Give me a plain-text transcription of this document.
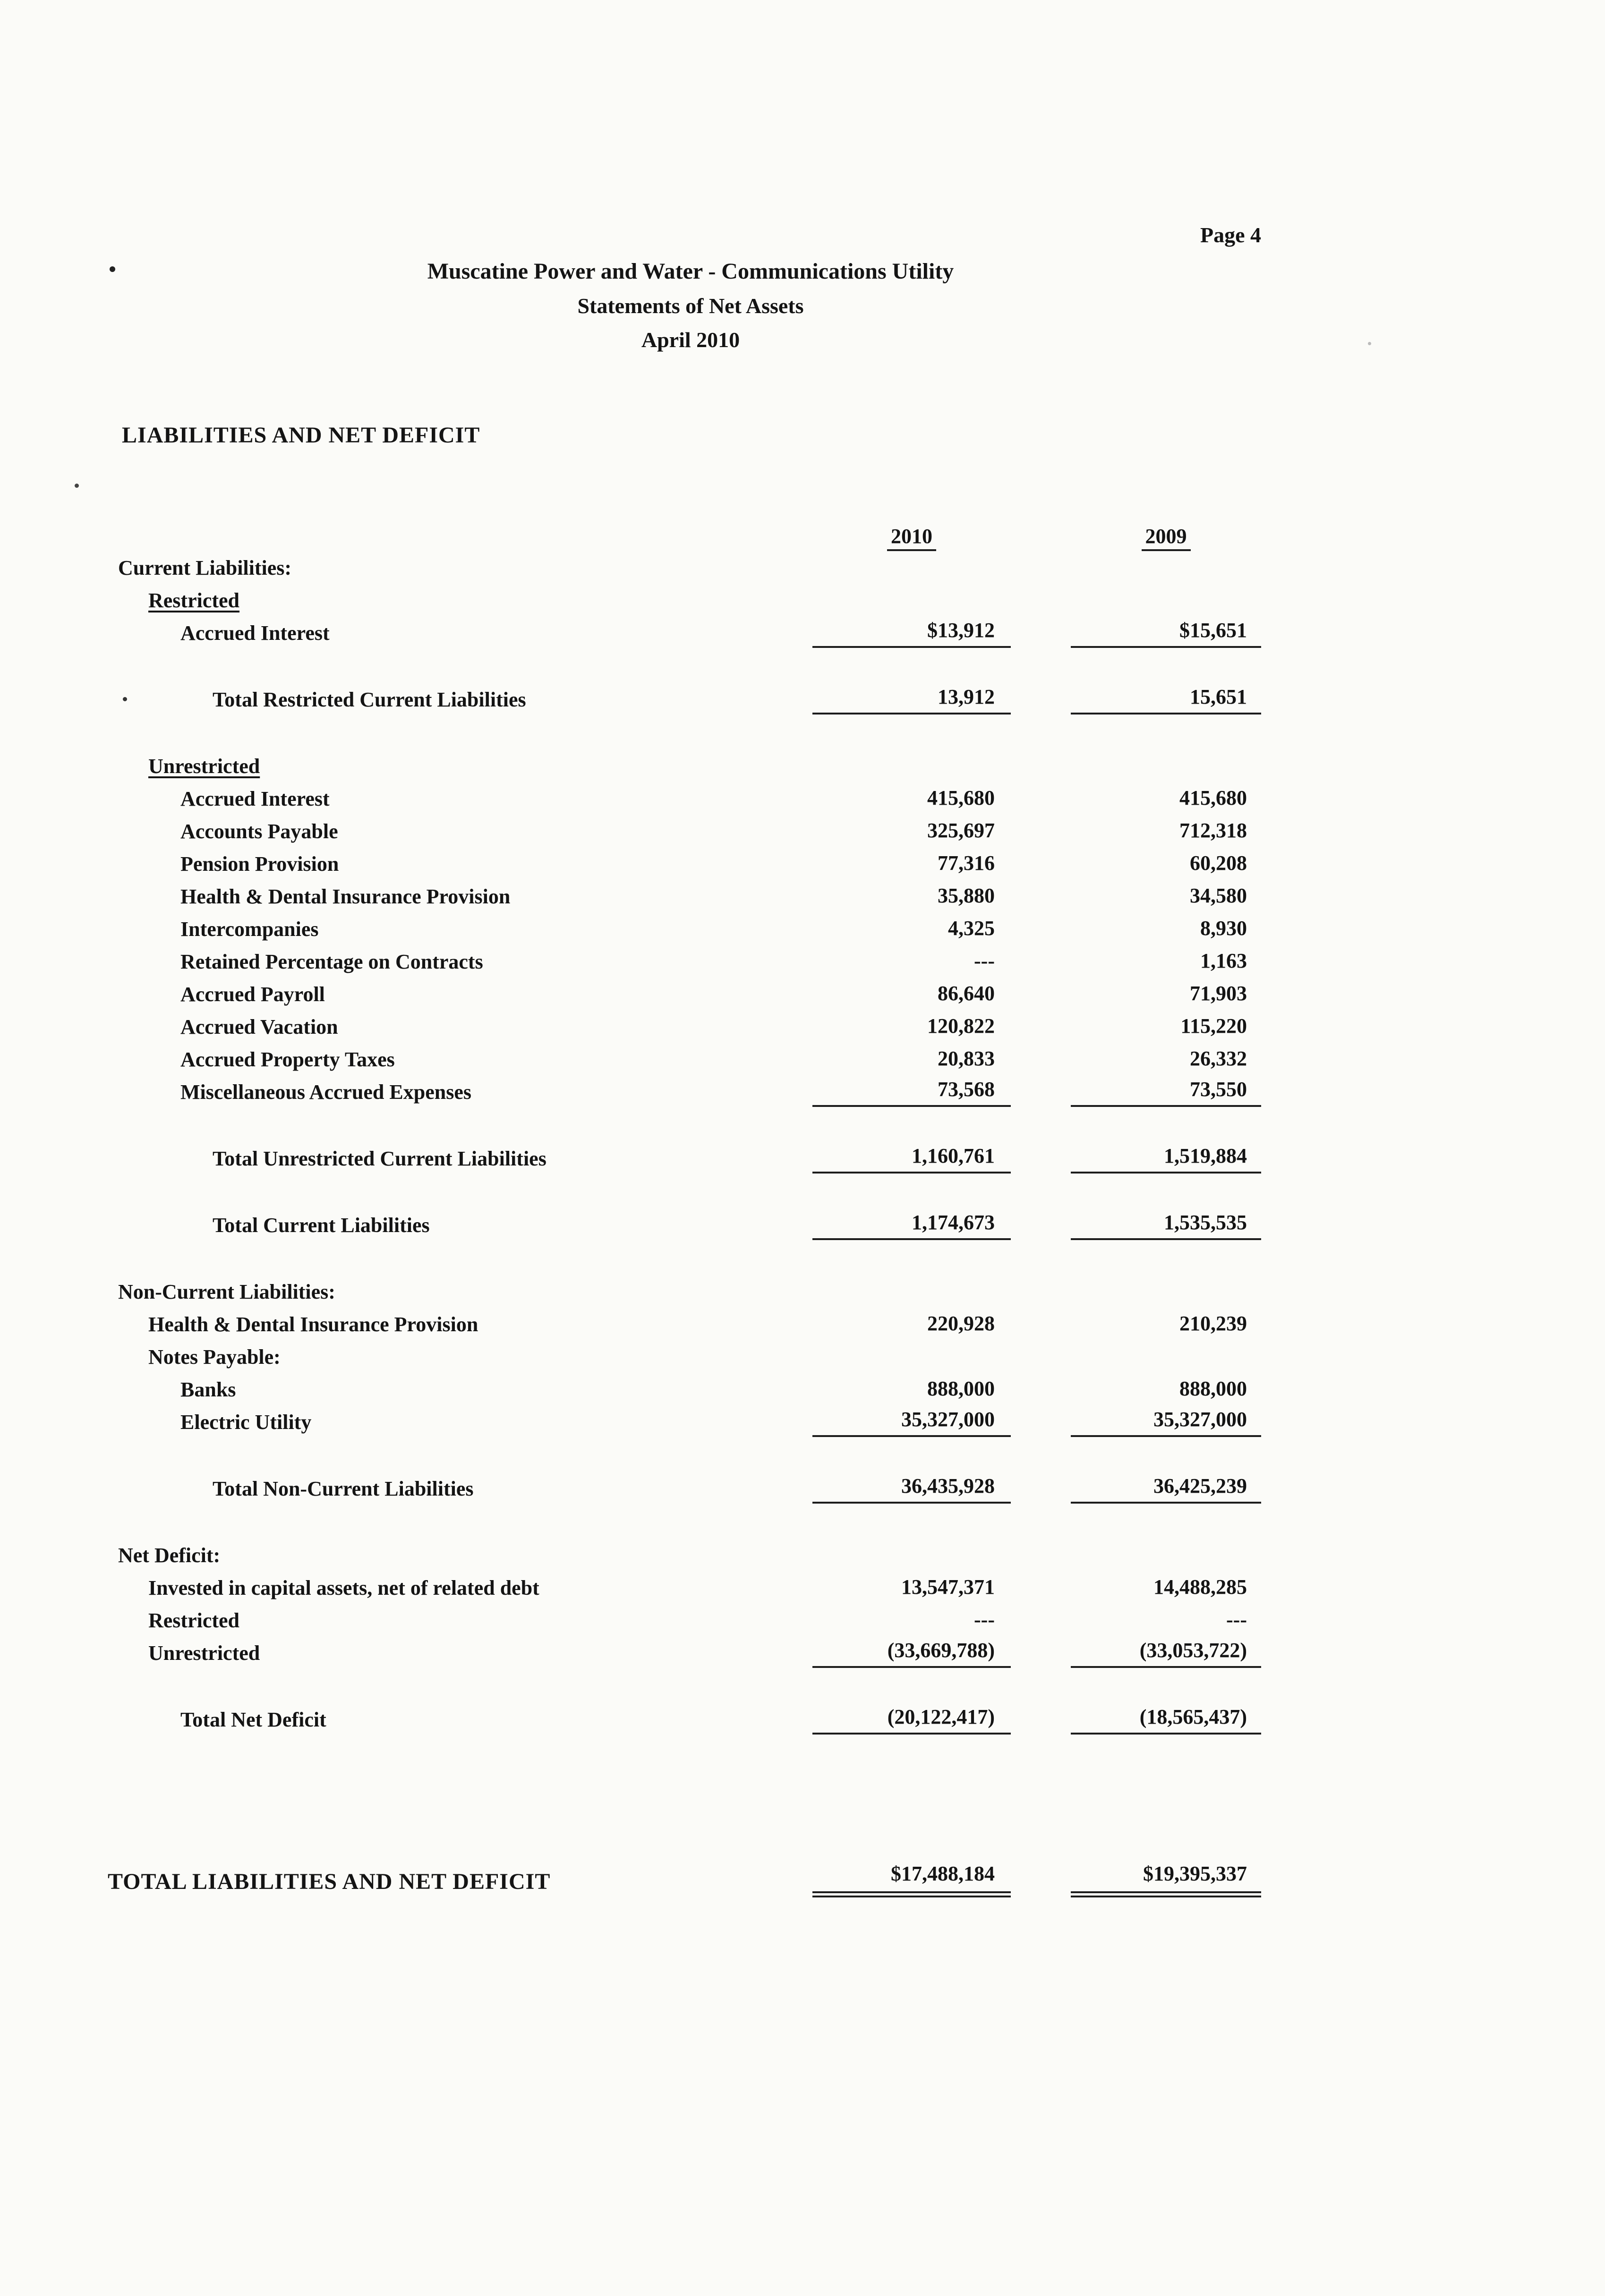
Page 4
Muscatine Power and Water - Communications Utility
Statements of Net Assets
April 2010
LIABILITIES AND NET DEFICIT
2010	2009
Current Liabilities:
Restricted
Accrued Interest	$13,912	$15,651
Total Restricted Current Liabilities	13,912	15,651
Unrestricted
Accrued Interest	415,680	415,680
Accounts Payable	325,697	712,318
Pension Provision	77,316	60,208
Health & Dental Insurance Provision	35,880	34,580
Intercompanies	4,325	8,930
Retained Percentage on Contracts	---	1,163
Accrued Payroll	86,640	71,903
Accrued Vacation	120,822	115,220
Accrued Property Taxes	20,833	26,332
Miscellaneous Accrued Expenses	73,568	73,550
Total Unrestricted Current Liabilities	1,160,761	1,519,884
Total Current Liabilities	1,174,673	1,535,535
Non-Current Liabilities:
Health & Dental Insurance Provision	220,928	210,239
Notes Payable:
Banks	888,000	888,000
Electric Utility	35,327,000	35,327,000
Total Non-Current Liabilities	36,435,928	36,425,239
Net Deficit:
Invested in capital assets, net of related debt	13,547,371	14,488,285
Restricted	---	---
Unrestricted	(33,669,788)	(33,053,722)
Total Net Deficit	(20,122,417)	(18,565,437)
TOTAL LIABILITIES AND NET DEFICIT	$17,488,184	$19,395,337
